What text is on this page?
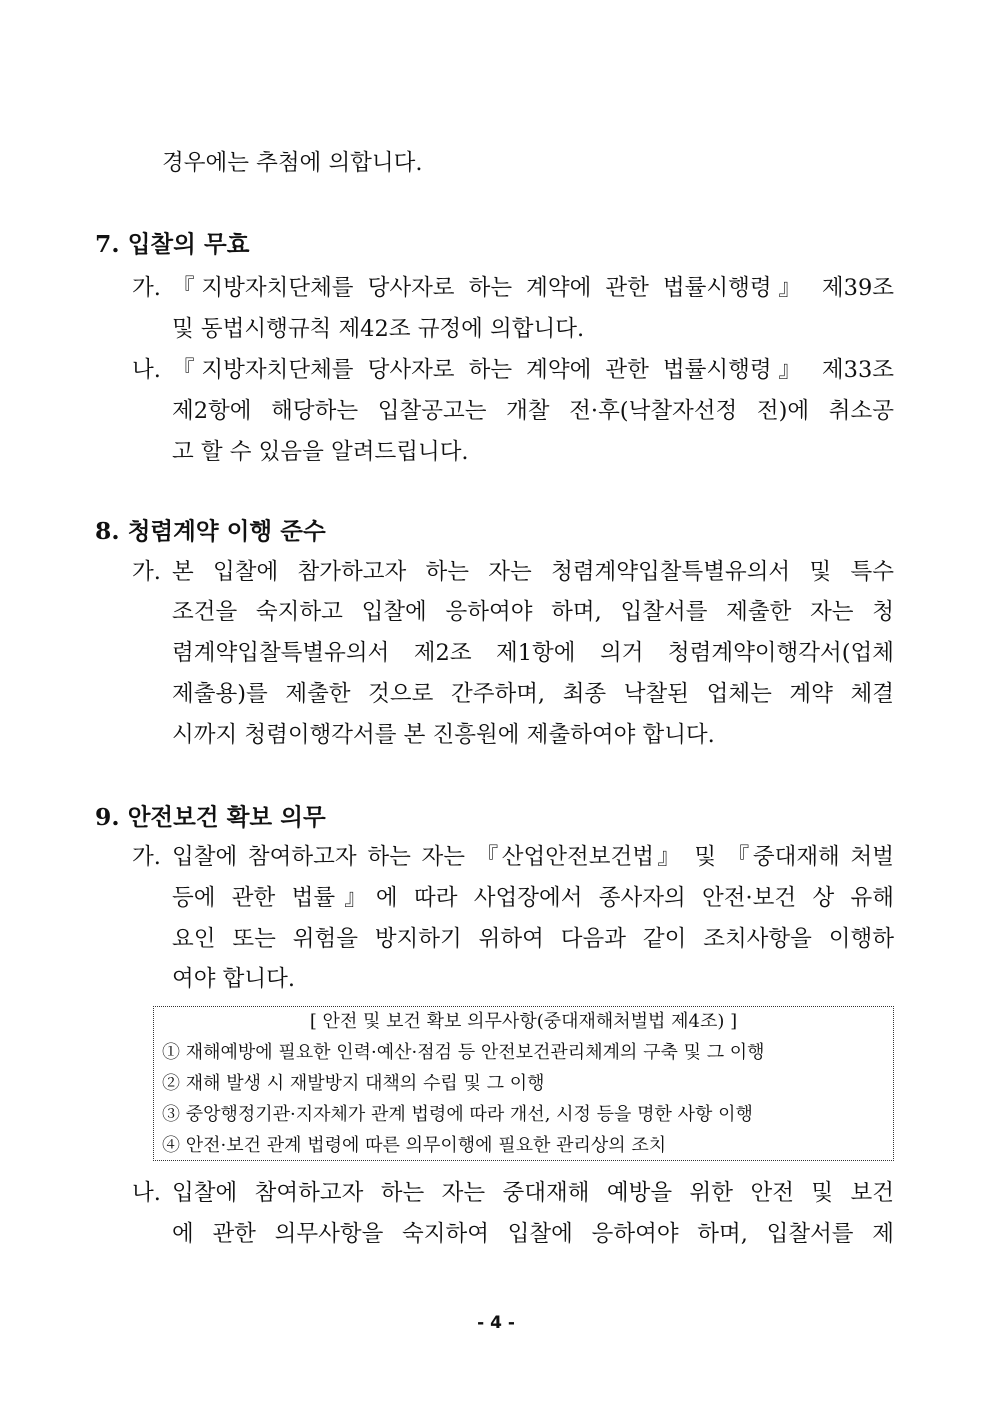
경우에는 추첨에 의합니다.
7. 입찰의 무효
가. 『지방자치단체를 당사자로 하는 계약에 관한 법률시행령』 제39조
및 동법시행규칙 제42조 규정에 의합니다.
나. 『지방자치단체를 당사자로 하는 계약에 관한 법률시행령』 제33조
제2항에 해당하는 입찰공고는 개찰 전·후(낙찰자선정 전)에 취소공
고 할 수 있음을 알려드립니다.
8. 청렴계약 이행 준수
가. 본 입찰에 참가하고자 하는 자는 청렴계약입찰특별유의서 및 특수
조건을 숙지하고 입찰에 응하여야 하며, 입찰서를 제출한 자는 청
렴계약입찰특별유의서 제2조 제1항에 의거 청렴계약이행각서(업체
제출용)를 제출한 것으로 간주하며, 최종 낙찰된 업체는 계약 체결
시까지 청렴이행각서를 본 진흥원에 제출하여야 합니다.
9. 안전보건 확보 의무
가. 입찰에 참여하고자 하는 자는 『산업안전보건법』 및 『중대재해 처벌
등에 관한 법률』에 따라 사업장에서 종사자의 안전·보건 상 유해
요인 또는 위험을 방지하기 위하여 다음과 같이 조치사항을 이행하
여야 합니다.
[ 안전 및 보건 확보 의무사항(중대재해처벌법 제4조) ]
① 재해예방에 필요한 인력·예산·점검 등 안전보건관리체계의 구축 및 그 이행
② 재해 발생 시 재발방지 대책의 수립 및 그 이행
③ 중앙행정기관·지자체가 관계 법령에 따라 개선, 시정 등을 명한 사항 이행
④ 안전·보건 관계 법령에 따른 의무이행에 필요한 관리상의 조치
나. 입찰에 참여하고자 하는 자는 중대재해 예방을 위한 안전 및 보건
에 관한 의무사항을 숙지하여 입찰에 응하여야 하며, 입찰서를 제
- 4 -
